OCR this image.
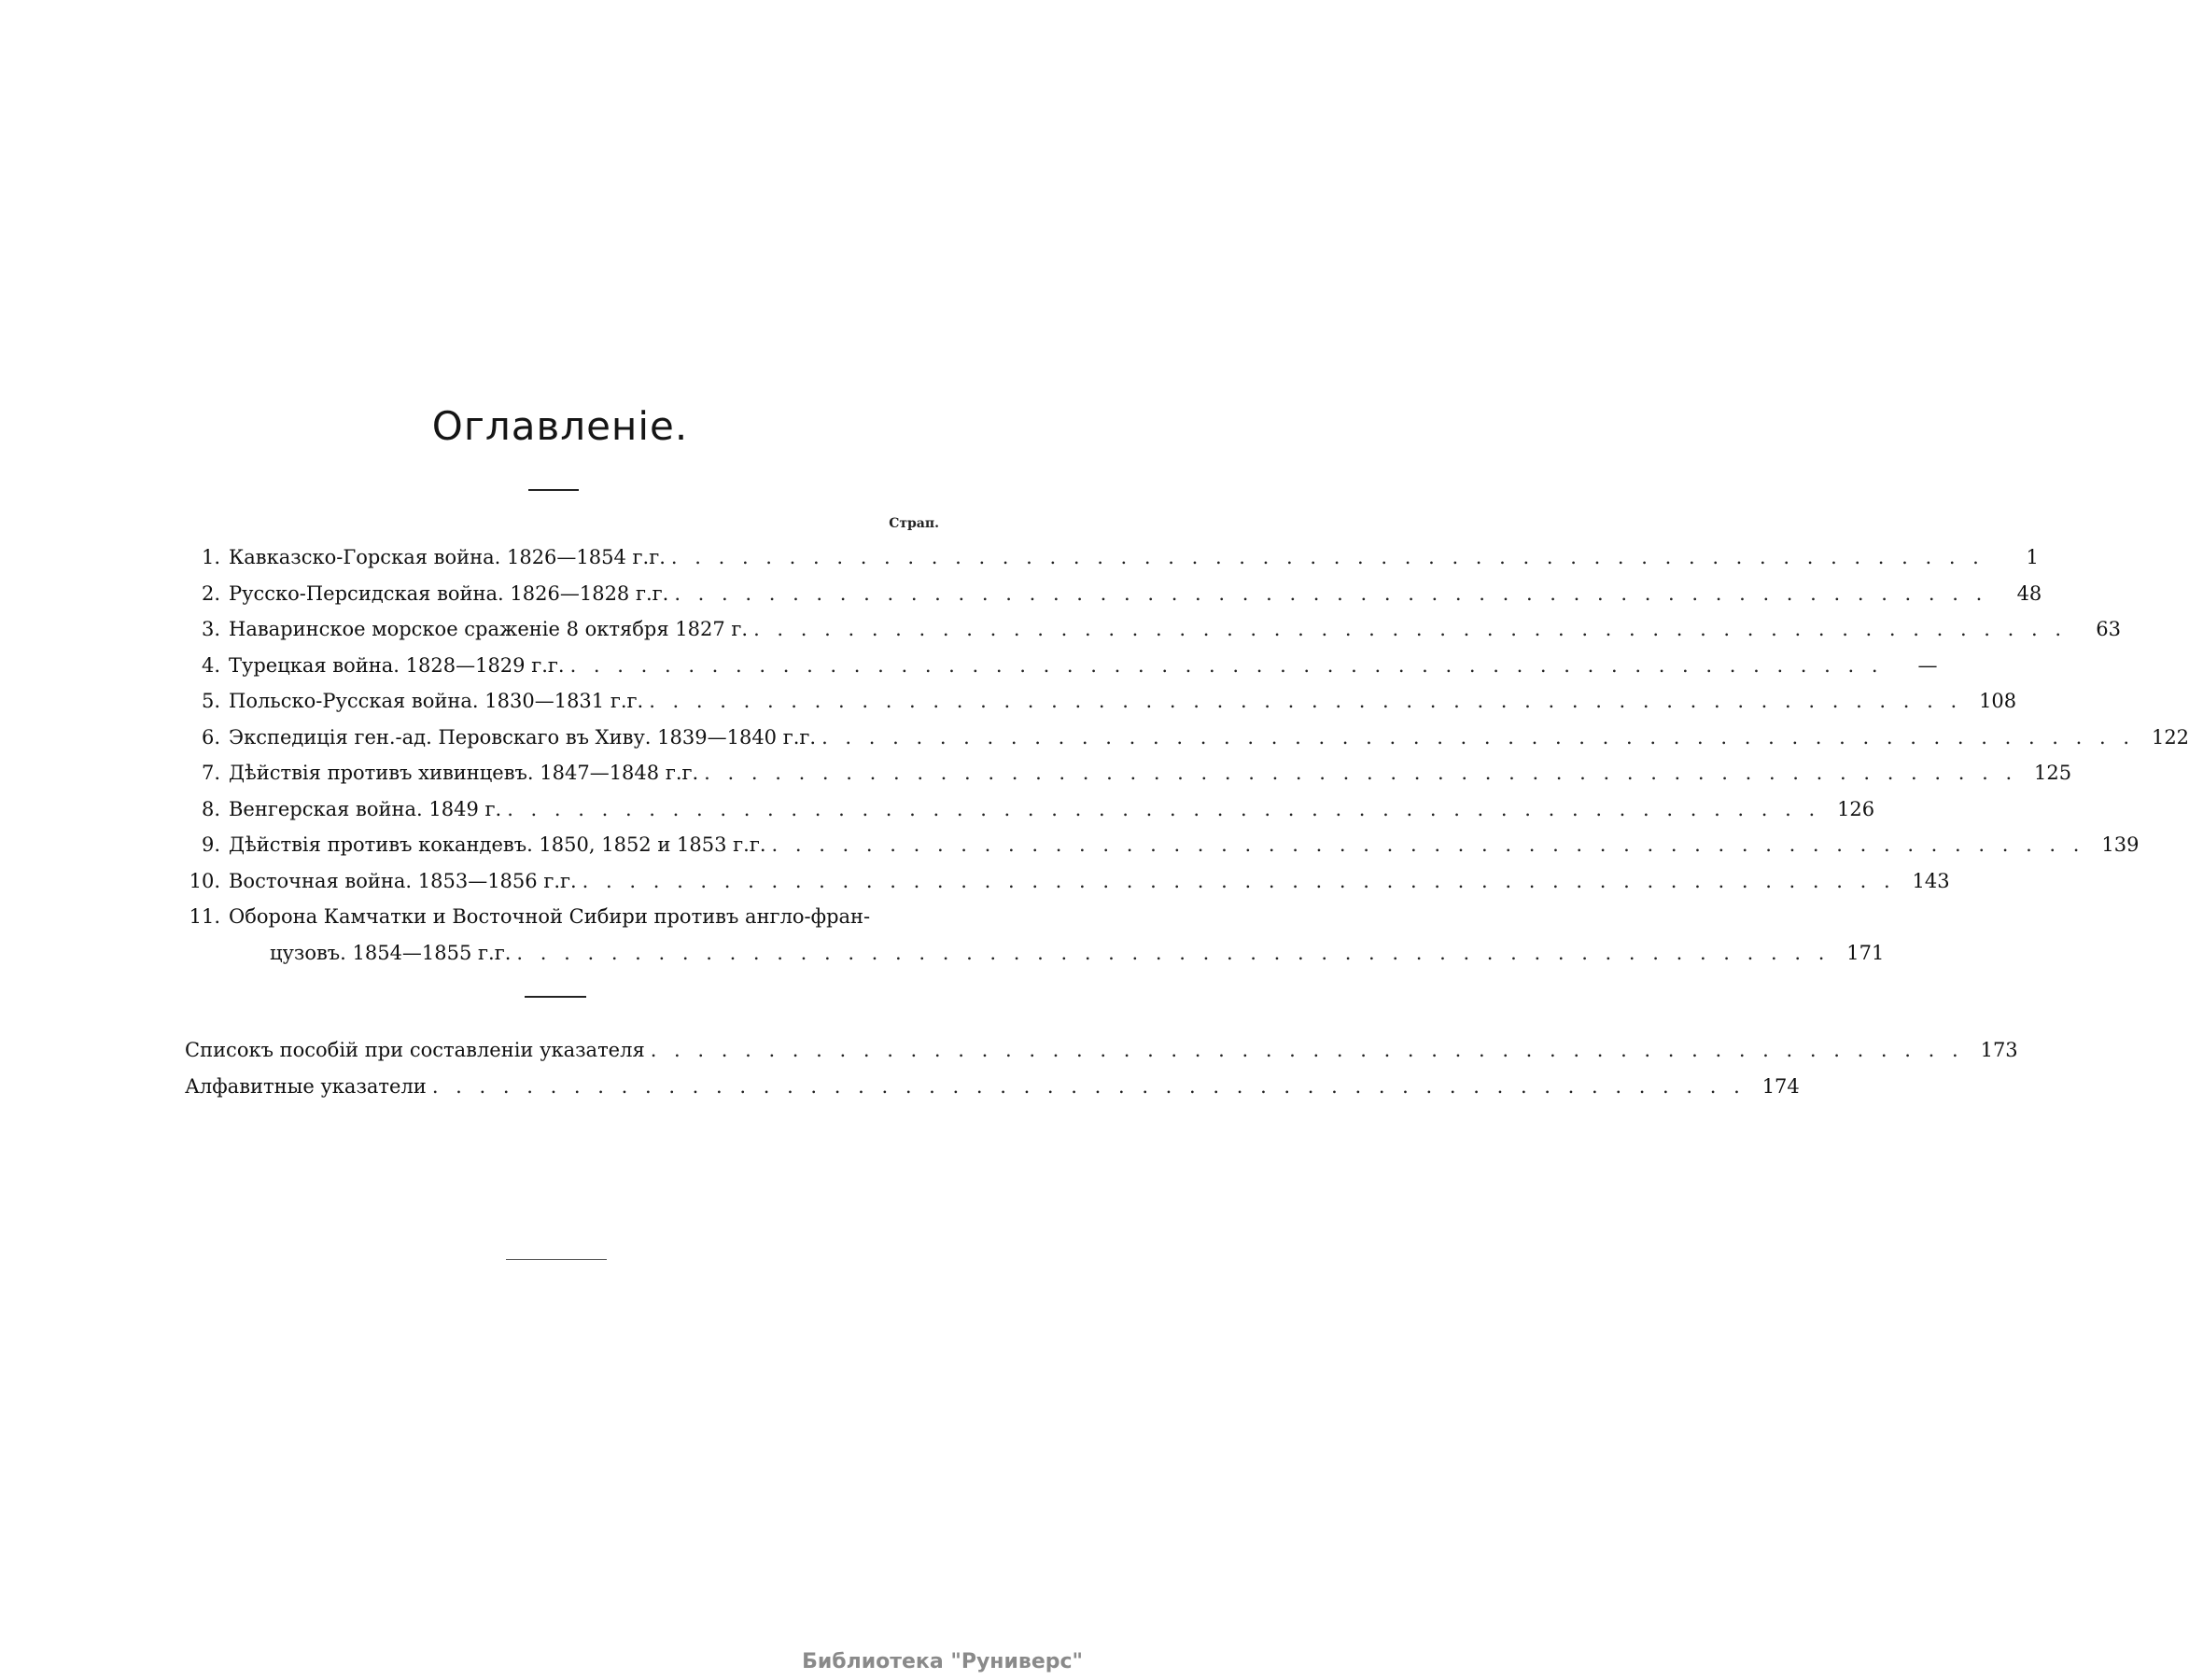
Оглавленіе.
Страп.
1. Кавказско-Горская война. 1826—1854 г.г. . . .	1
2. Русско-Персидская война. 1826—1828 г.г. . . .	48
3. Наваринское морское сраженіе 8 октября 1827 г. . . .	63
4. Турецкая война. 1828—1829 г.г. . . .	—
5. Польско-Русская война. 1830—1831 г.г. . . .	108
6. Экспедиція ген.-ад. Перовскаго въ Хиву. 1839—1840 г.г. . . .	122
7. Дѣйствія противъ хивинцевъ. 1847—1848 г.г. . . .	125
8. Венгерская война. 1849 г. . . .	126
9. Дѣйствія противъ кокандевъ. 1850, 1852 и 1853 г.г. . . .	139
10. Восточная война. 1853—1856 г.г. . . .	143
11. Оборона Камчатки и Восточной Сибири противъ англо-фран-
цузовъ. 1854—1855 г.г. . . .	171
Списокъ пособій при составленіи указателя . . .	173
Алфавитные указатели . . .	174
Библиотека "Руниверс"
